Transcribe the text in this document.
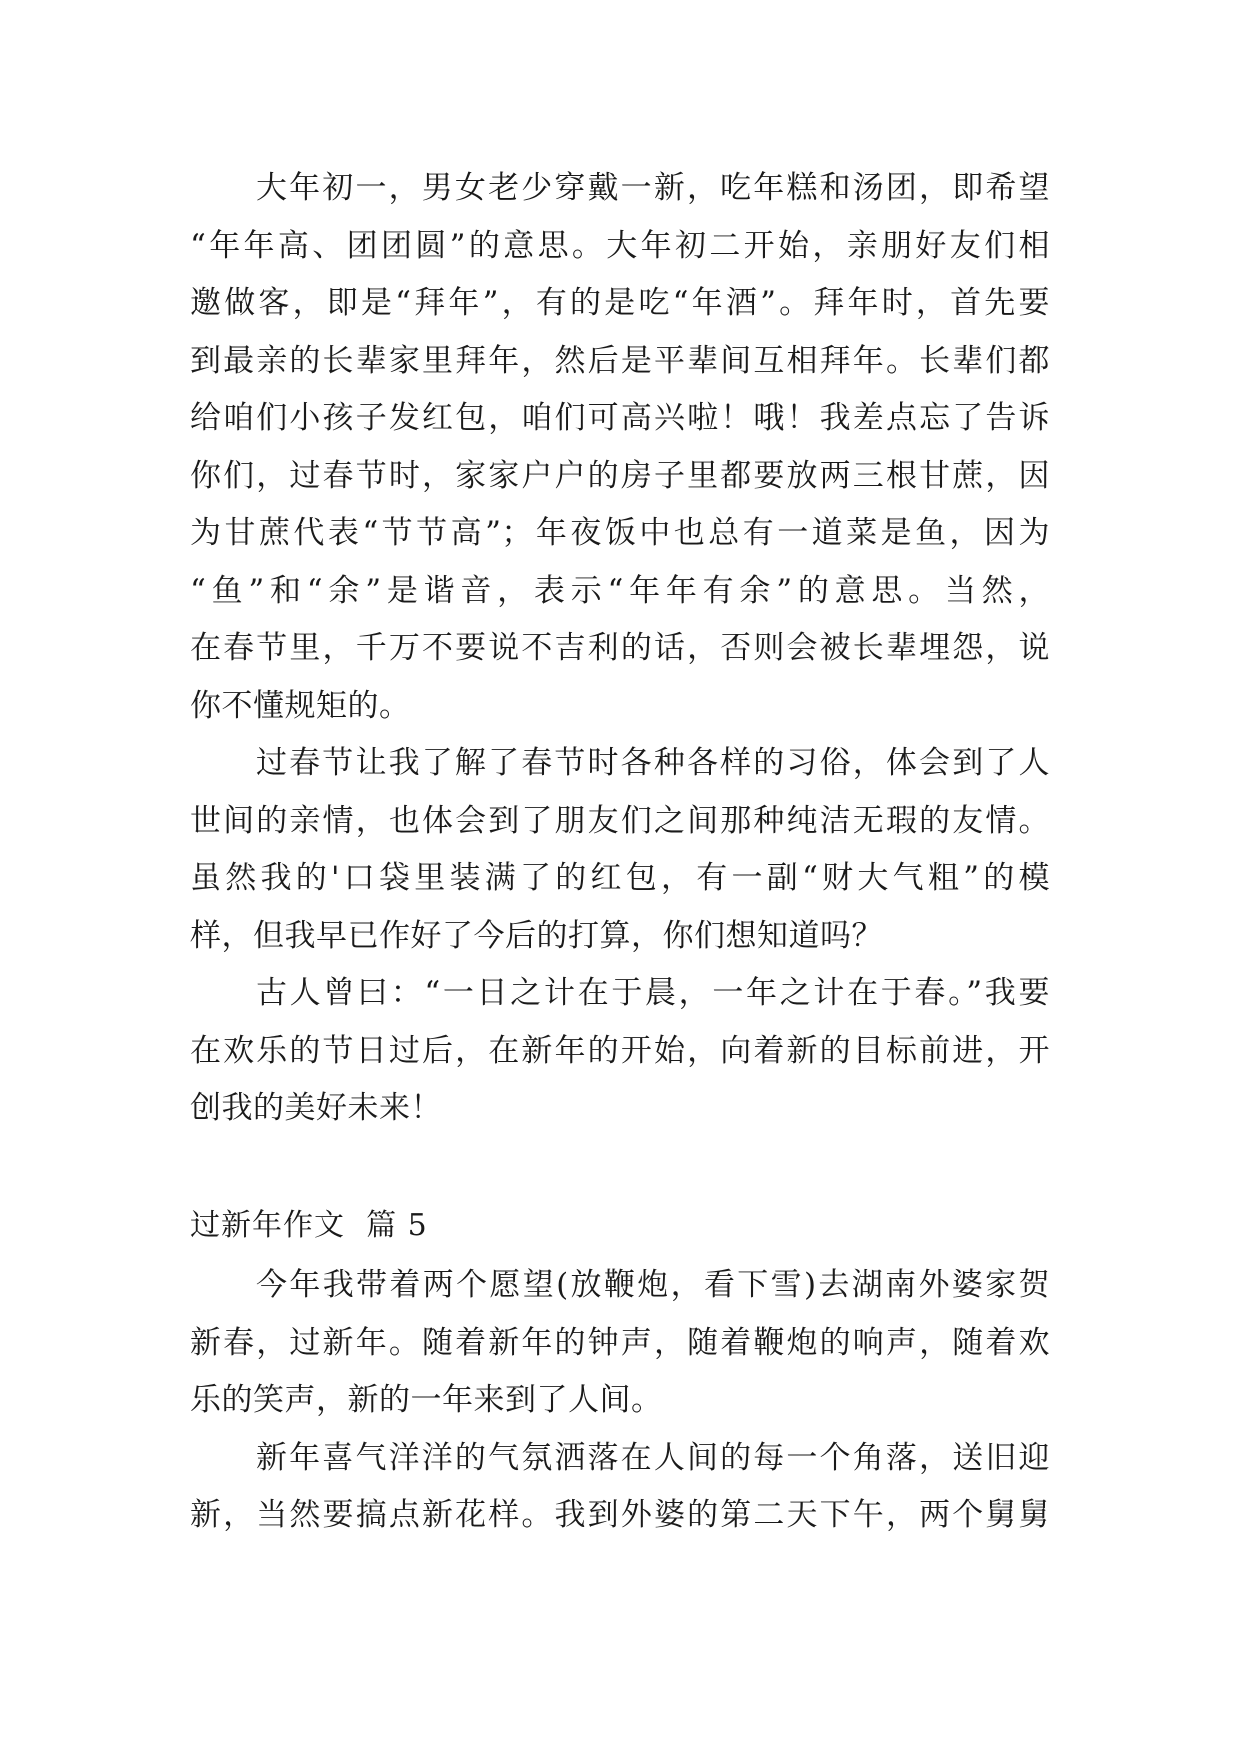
大年初一，男女老少穿戴一新，吃年糕和汤团，即希望
“年年高、团团圆”的意思。大年初二开始，亲朋好友们相
邀做客，即是“拜年”，有的是吃“年酒”。拜年时，首先要
到最亲的长辈家里拜年，然后是平辈间互相拜年。长辈们都
给咱们小孩子发红包，咱们可高兴啦！哦！我差点忘了告诉
你们，过春节时，家家户户的房子里都要放两三根甘蔗，因
为甘蔗代表“节节高”；年夜饭中也总有一道菜是鱼，因为
“鱼”和“余”是谐音，表示“年年有余”的意思。当然，
在春节里，千万不要说不吉利的话，否则会被长辈埋怨，说
你不懂规矩的。
过春节让我了解了春节时各种各样的习俗，体会到了人
世间的亲情，也体会到了朋友们之间那种纯洁无瑕的友情。
虽然我的'口袋里装满了的红包，有一副“财大气粗”的模
样，但我早已作好了今后的打算，你们想知道吗？
古人曾曰：“一日之计在于晨，一年之计在于春。”我要
在欢乐的节日过后，在新年的开始，向着新的目标前进，开
创我的美好未来！
过新年作文  篇 5
今年我带着两个愿望(放鞭炮，看下雪)去湖南外婆家贺
新春，过新年。随着新年的钟声，随着鞭炮的响声，随着欢
乐的笑声，新的一年来到了人间。
新年喜气洋洋的气氛洒落在人间的每一个角落，送旧迎
新，当然要搞点新花样。我到外婆的第二天下午，两个舅舅
